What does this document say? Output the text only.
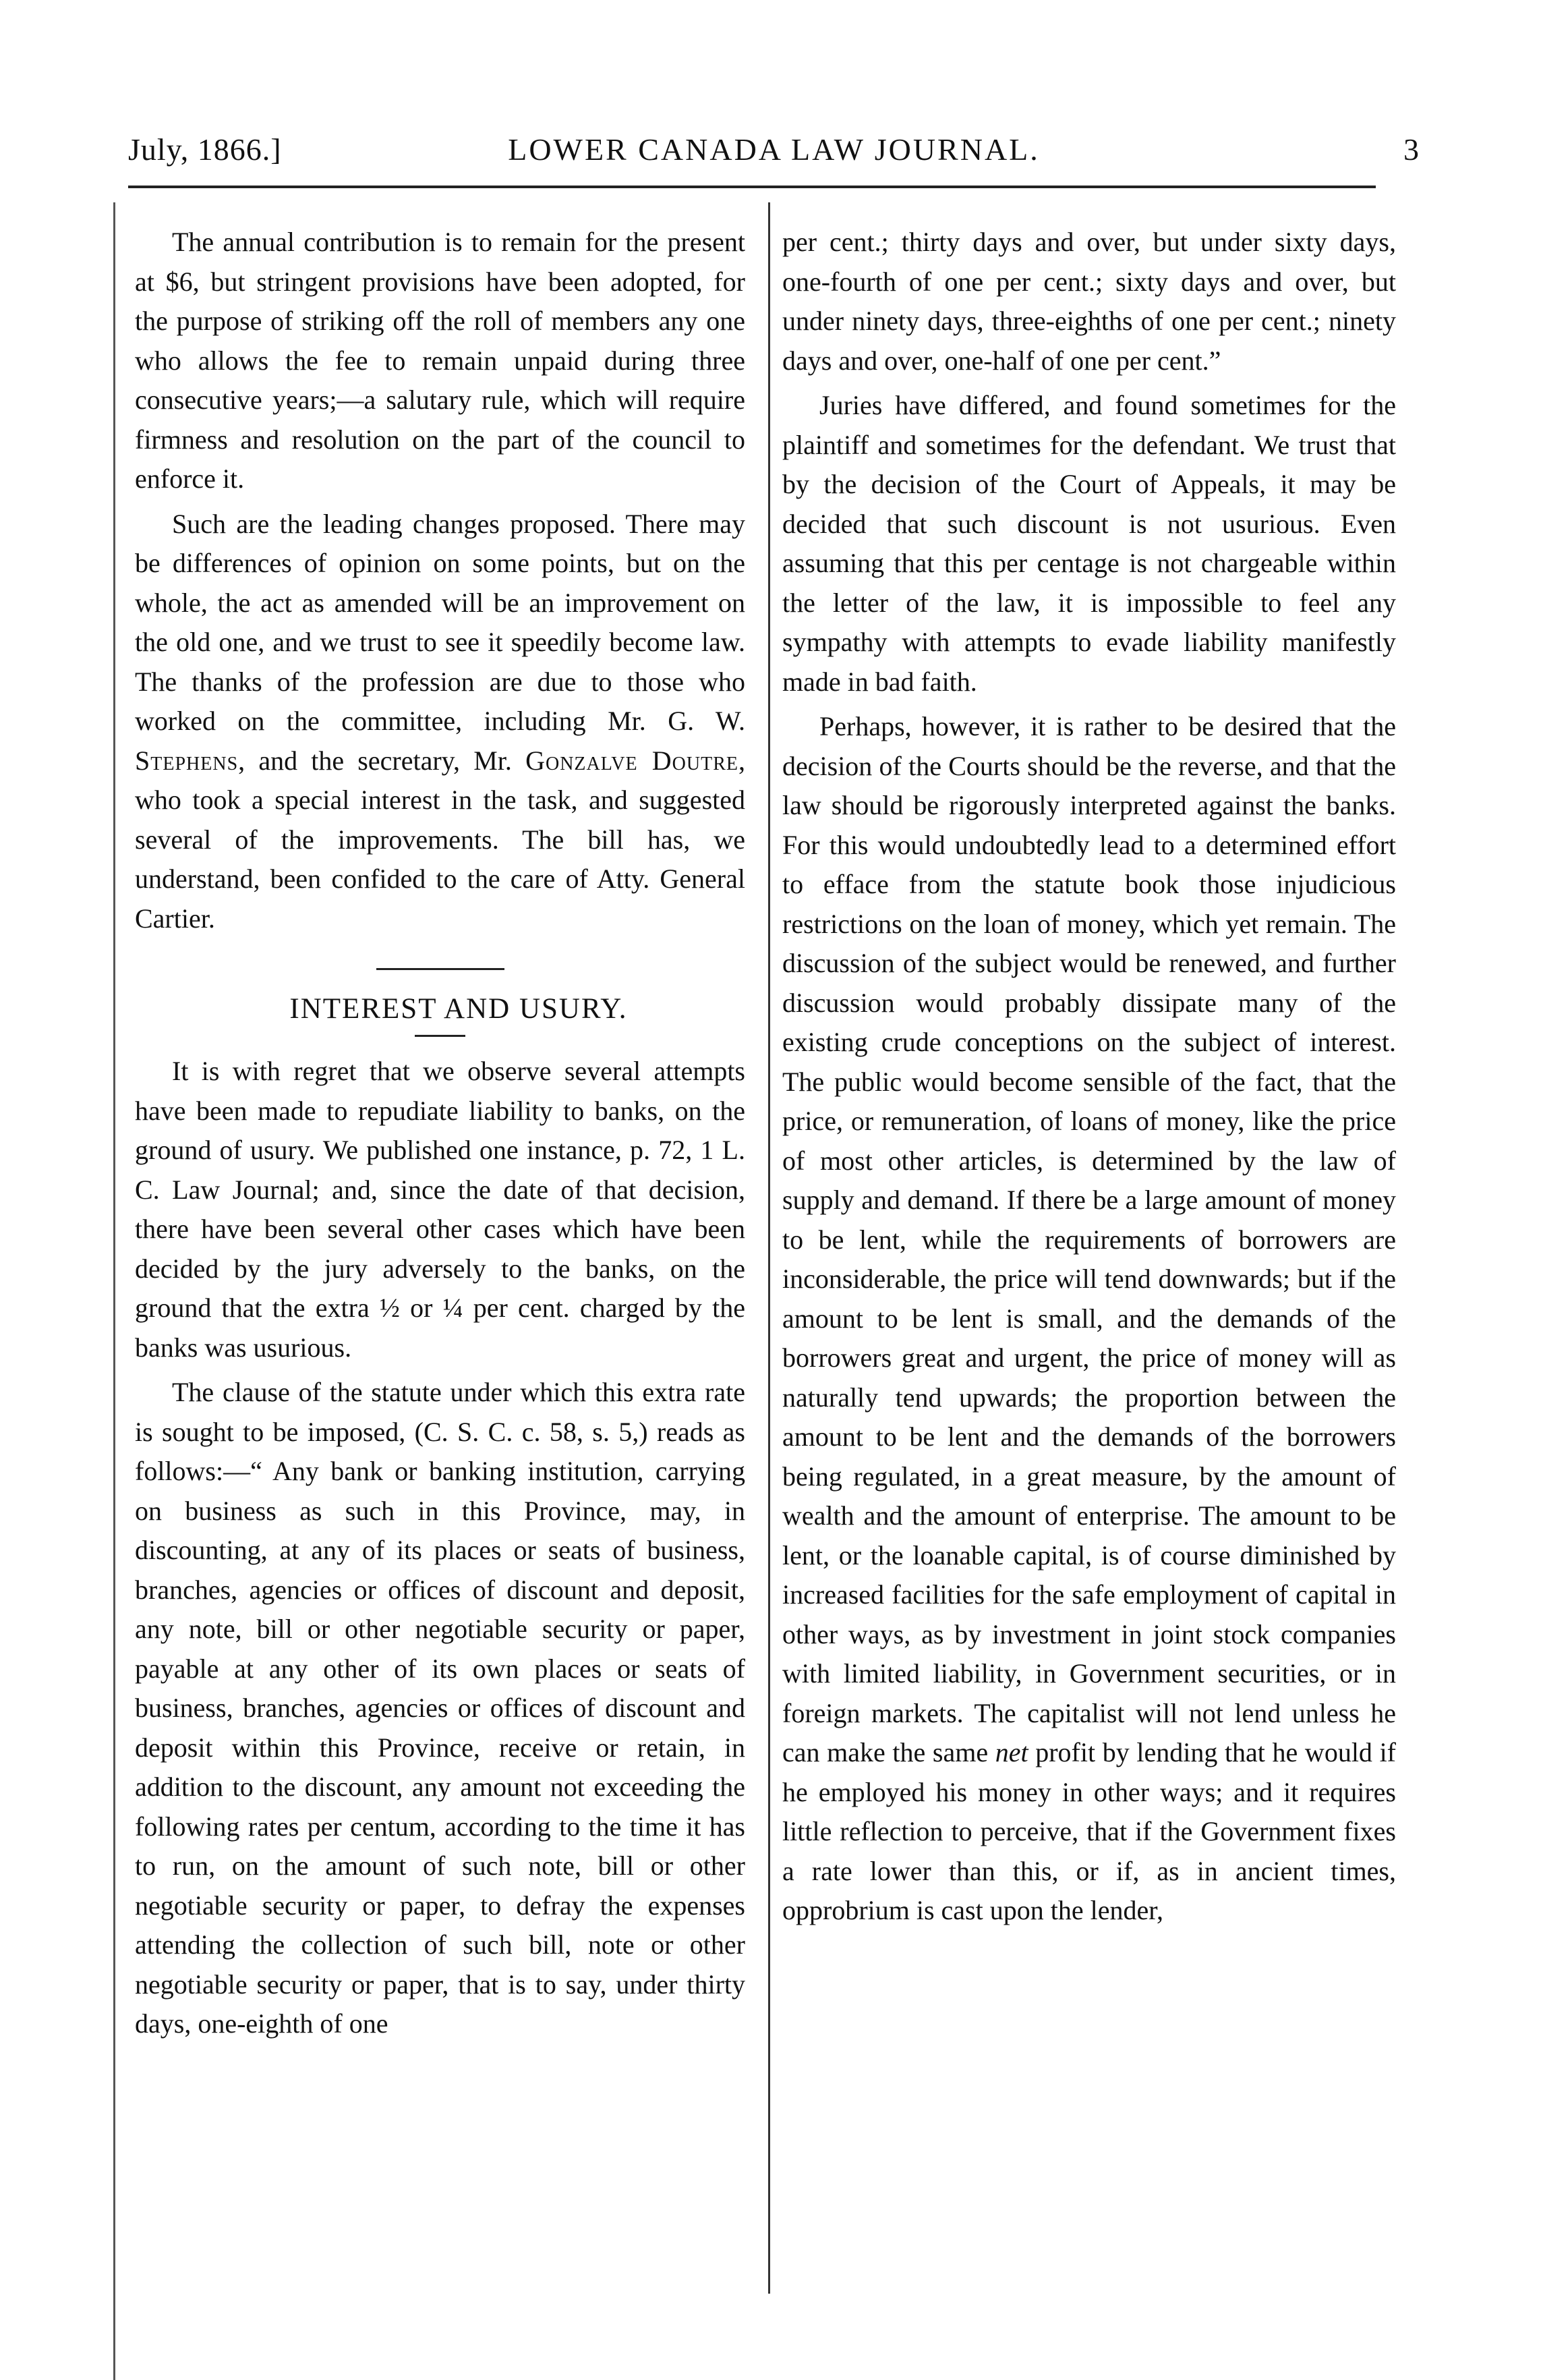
July, 1866.]	LOWER CANADA LAW JOURNAL.	3

The annual contribution is to remain for the present at $6, but stringent provisions have been adopted, for the purpose of striking off the roll of members any one who allows the fee to remain unpaid during three consecutive years;—a salutary rule, which will require firmness and resolution on the part of the council to enforce it.

Such are the leading changes proposed. There may be differences of opinion on some points, but on the whole, the act as amended will be an improvement on the old one, and we trust to see it speedily become law. The thanks of the profession are due to those who worked on the committee, including Mr. G. W. Stephens, and the secretary, Mr. Gonzalve Doutre, who took a special interest in the task, and suggested several of the improvements. The bill has, we understand, been confided to the care of Atty. General Cartier.

INTEREST AND USURY.

It is with regret that we observe several attempts have been made to repudiate liability to banks, on the ground of usury. We published one instance, p. 72, 1 L. C. Law Journal; and, since the date of that decision, there have been several other cases which have been decided by the jury adversely to the banks, on the ground that the extra ½ or ¼ per cent. charged by the banks was usurious.

The clause of the statute under which this extra rate is sought to be imposed, (C. S. C. c. 58, s. 5,) reads as follows:—“ Any bank or banking institution, carrying on business as such in this Province, may, in discounting, at any of its places or seats of business, branches, agencies or offices of discount and deposit, any note, bill or other negotiable security or paper, payable at any other of its own places or seats of business, branches, agencies or offices of discount and deposit within this Province, receive or retain, in addition to the discount, any amount not exceeding the following rates per centum, according to the time it has to run, on the amount of such note, bill or other negotiable security or paper, to defray the expenses attending the collection of such bill, note or other negotiable security or paper, that is to say, under thirty days, one-eighth of one

per cent.; thirty days and over, but under sixty days, one-fourth of one per cent.; sixty days and over, but under ninety days, three-eighths of one per cent.; ninety days and over, one-half of one per cent.”

Juries have differed, and found sometimes for the plaintiff and sometimes for the defendant. We trust that by the decision of the Court of Appeals, it may be decided that such discount is not usurious. Even assuming that this per centage is not chargeable within the letter of the law, it is impossible to feel any sympathy with attempts to evade liability manifestly made in bad faith.

Perhaps, however, it is rather to be desired that the decision of the Courts should be the reverse, and that the law should be rigorously interpreted against the banks. For this would undoubtedly lead to a determined effort to efface from the statute book those injudicious restrictions on the loan of money, which yet remain. The discussion of the subject would be renewed, and further discussion would probably dissipate many of the existing crude conceptions on the subject of interest. The public would become sensible of the fact, that the price, or remuneration, of loans of money, like the price of most other articles, is determined by the law of supply and demand. If there be a large amount of money to be lent, while the requirements of borrowers are inconsiderable, the price will tend downwards; but if the amount to be lent is small, and the demands of the borrowers great and urgent, the price of money will as naturally tend upwards; the proportion between the amount to be lent and the demands of the borrowers being regulated, in a great measure, by the amount of wealth and the amount of enterprise. The amount to be lent, or the loanable capital, is of course diminished by increased facilities for the safe employment of capital in other ways, as by investment in joint stock companies with limited liability, in Government securities, or in foreign markets. The capitalist will not lend unless he can make the same net profit by lending that he would if he employed his money in other ways; and it requires little reflection to perceive, that if the Government fixes a rate lower than this, or if, as in ancient times, opprobrium is cast upon the lender,
